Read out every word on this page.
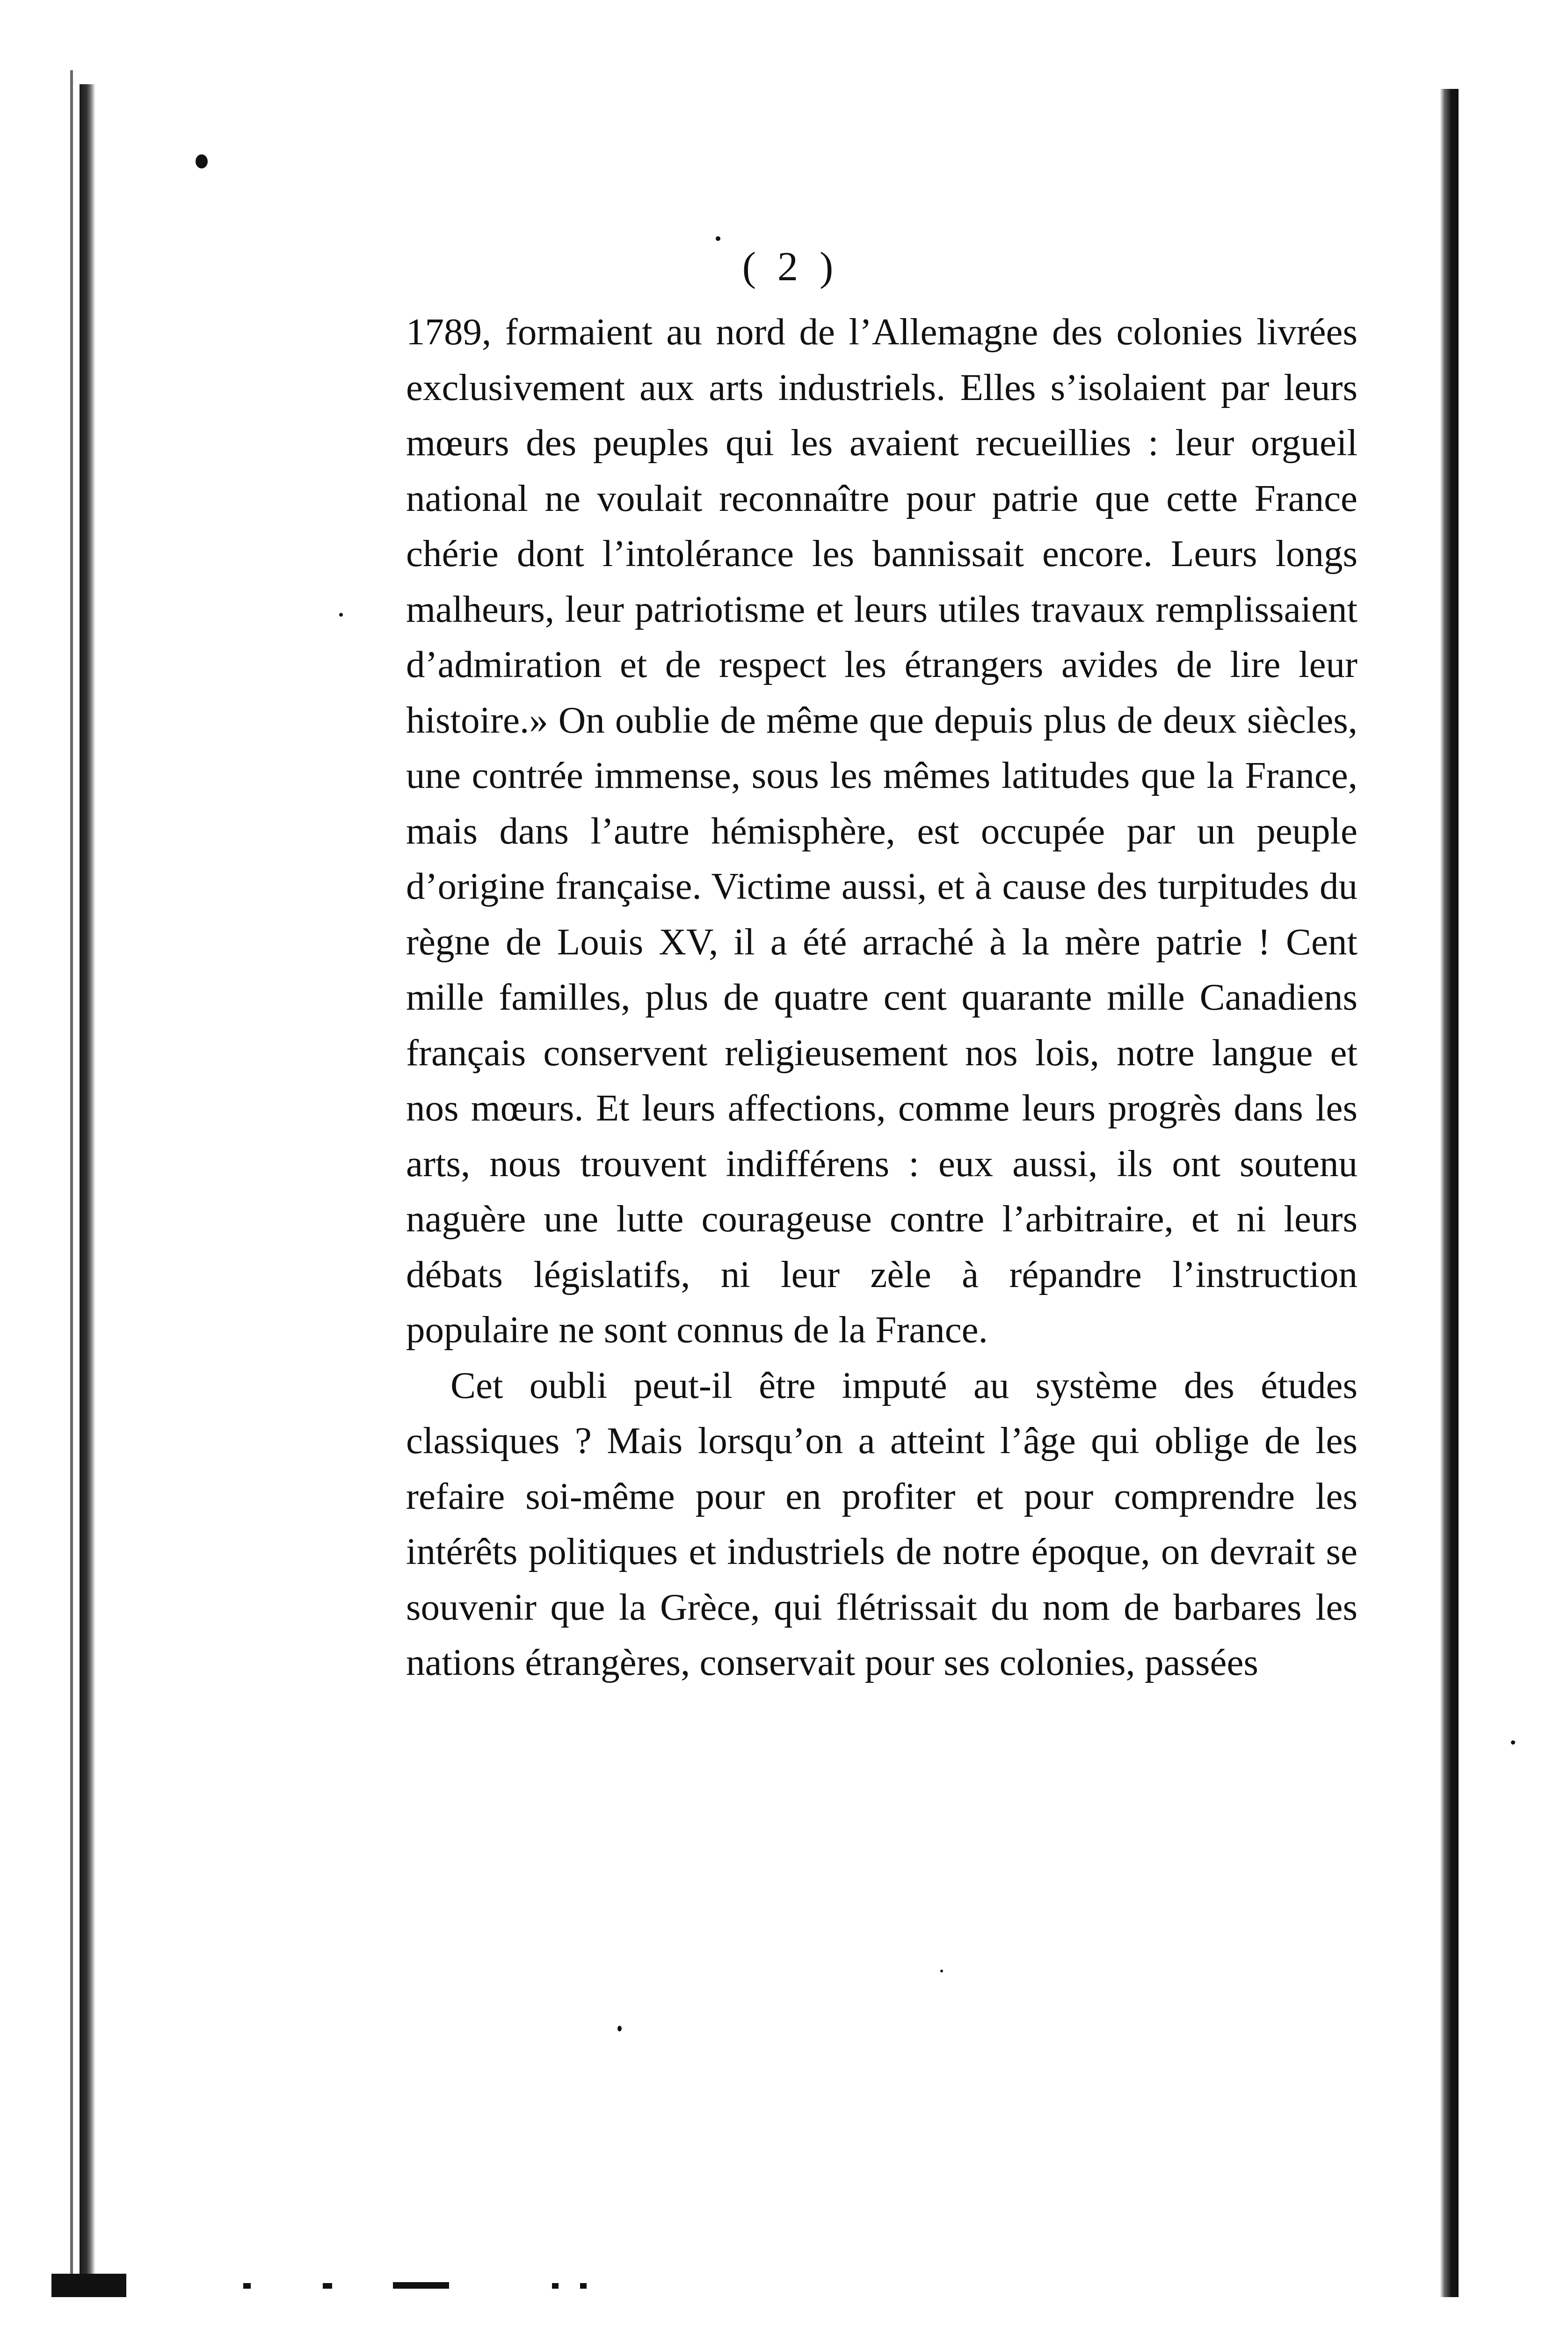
( 2 )

1789, formaient au nord de l’Allemagne des colonies livrées exclusivement aux arts industriels. Elles s’isolaient par leurs mœurs des peuples qui les avaient recueillies : leur orgueil national ne voulait reconnaître pour patrie que cette France chérie dont l’intolérance les bannissait encore. Leurs longs malheurs, leur patriotisme et leurs utiles travaux remplissaient d’admiration et de respect les étrangers avides de lire leur histoire.» On oublie de même que depuis plus de deux siècles, une contrée immense, sous les mêmes latitudes que la France, mais dans l’autre hémisphère, est occupée par un peuple d’origine française. Victime aussi, et à cause des turpitudes du règne de Louis XV, il a été arraché à la mère patrie ! Cent mille familles, plus de quatre cent quarante mille Canadiens français conservent religieusement nos lois, notre langue et nos mœurs. Et leurs affections, comme leurs progrès dans les arts, nous trouvent indifférens : eux aussi, ils ont soutenu naguère une lutte courageuse contre l’arbitraire, et ni leurs débats législatifs, ni leur zèle à répandre l’instruction populaire ne sont connus de la France.

Cet oubli peut-il être imputé au système des études classiques ? Mais lorsqu’on a atteint l’âge qui oblige de les refaire soi-même pour en profiter et pour comprendre les intérêts politiques et industriels de notre époque, on devrait se souvenir que la Grèce, qui flétrissait du nom de barbares les nations étrangères, conservait pour ses colonies, passées
